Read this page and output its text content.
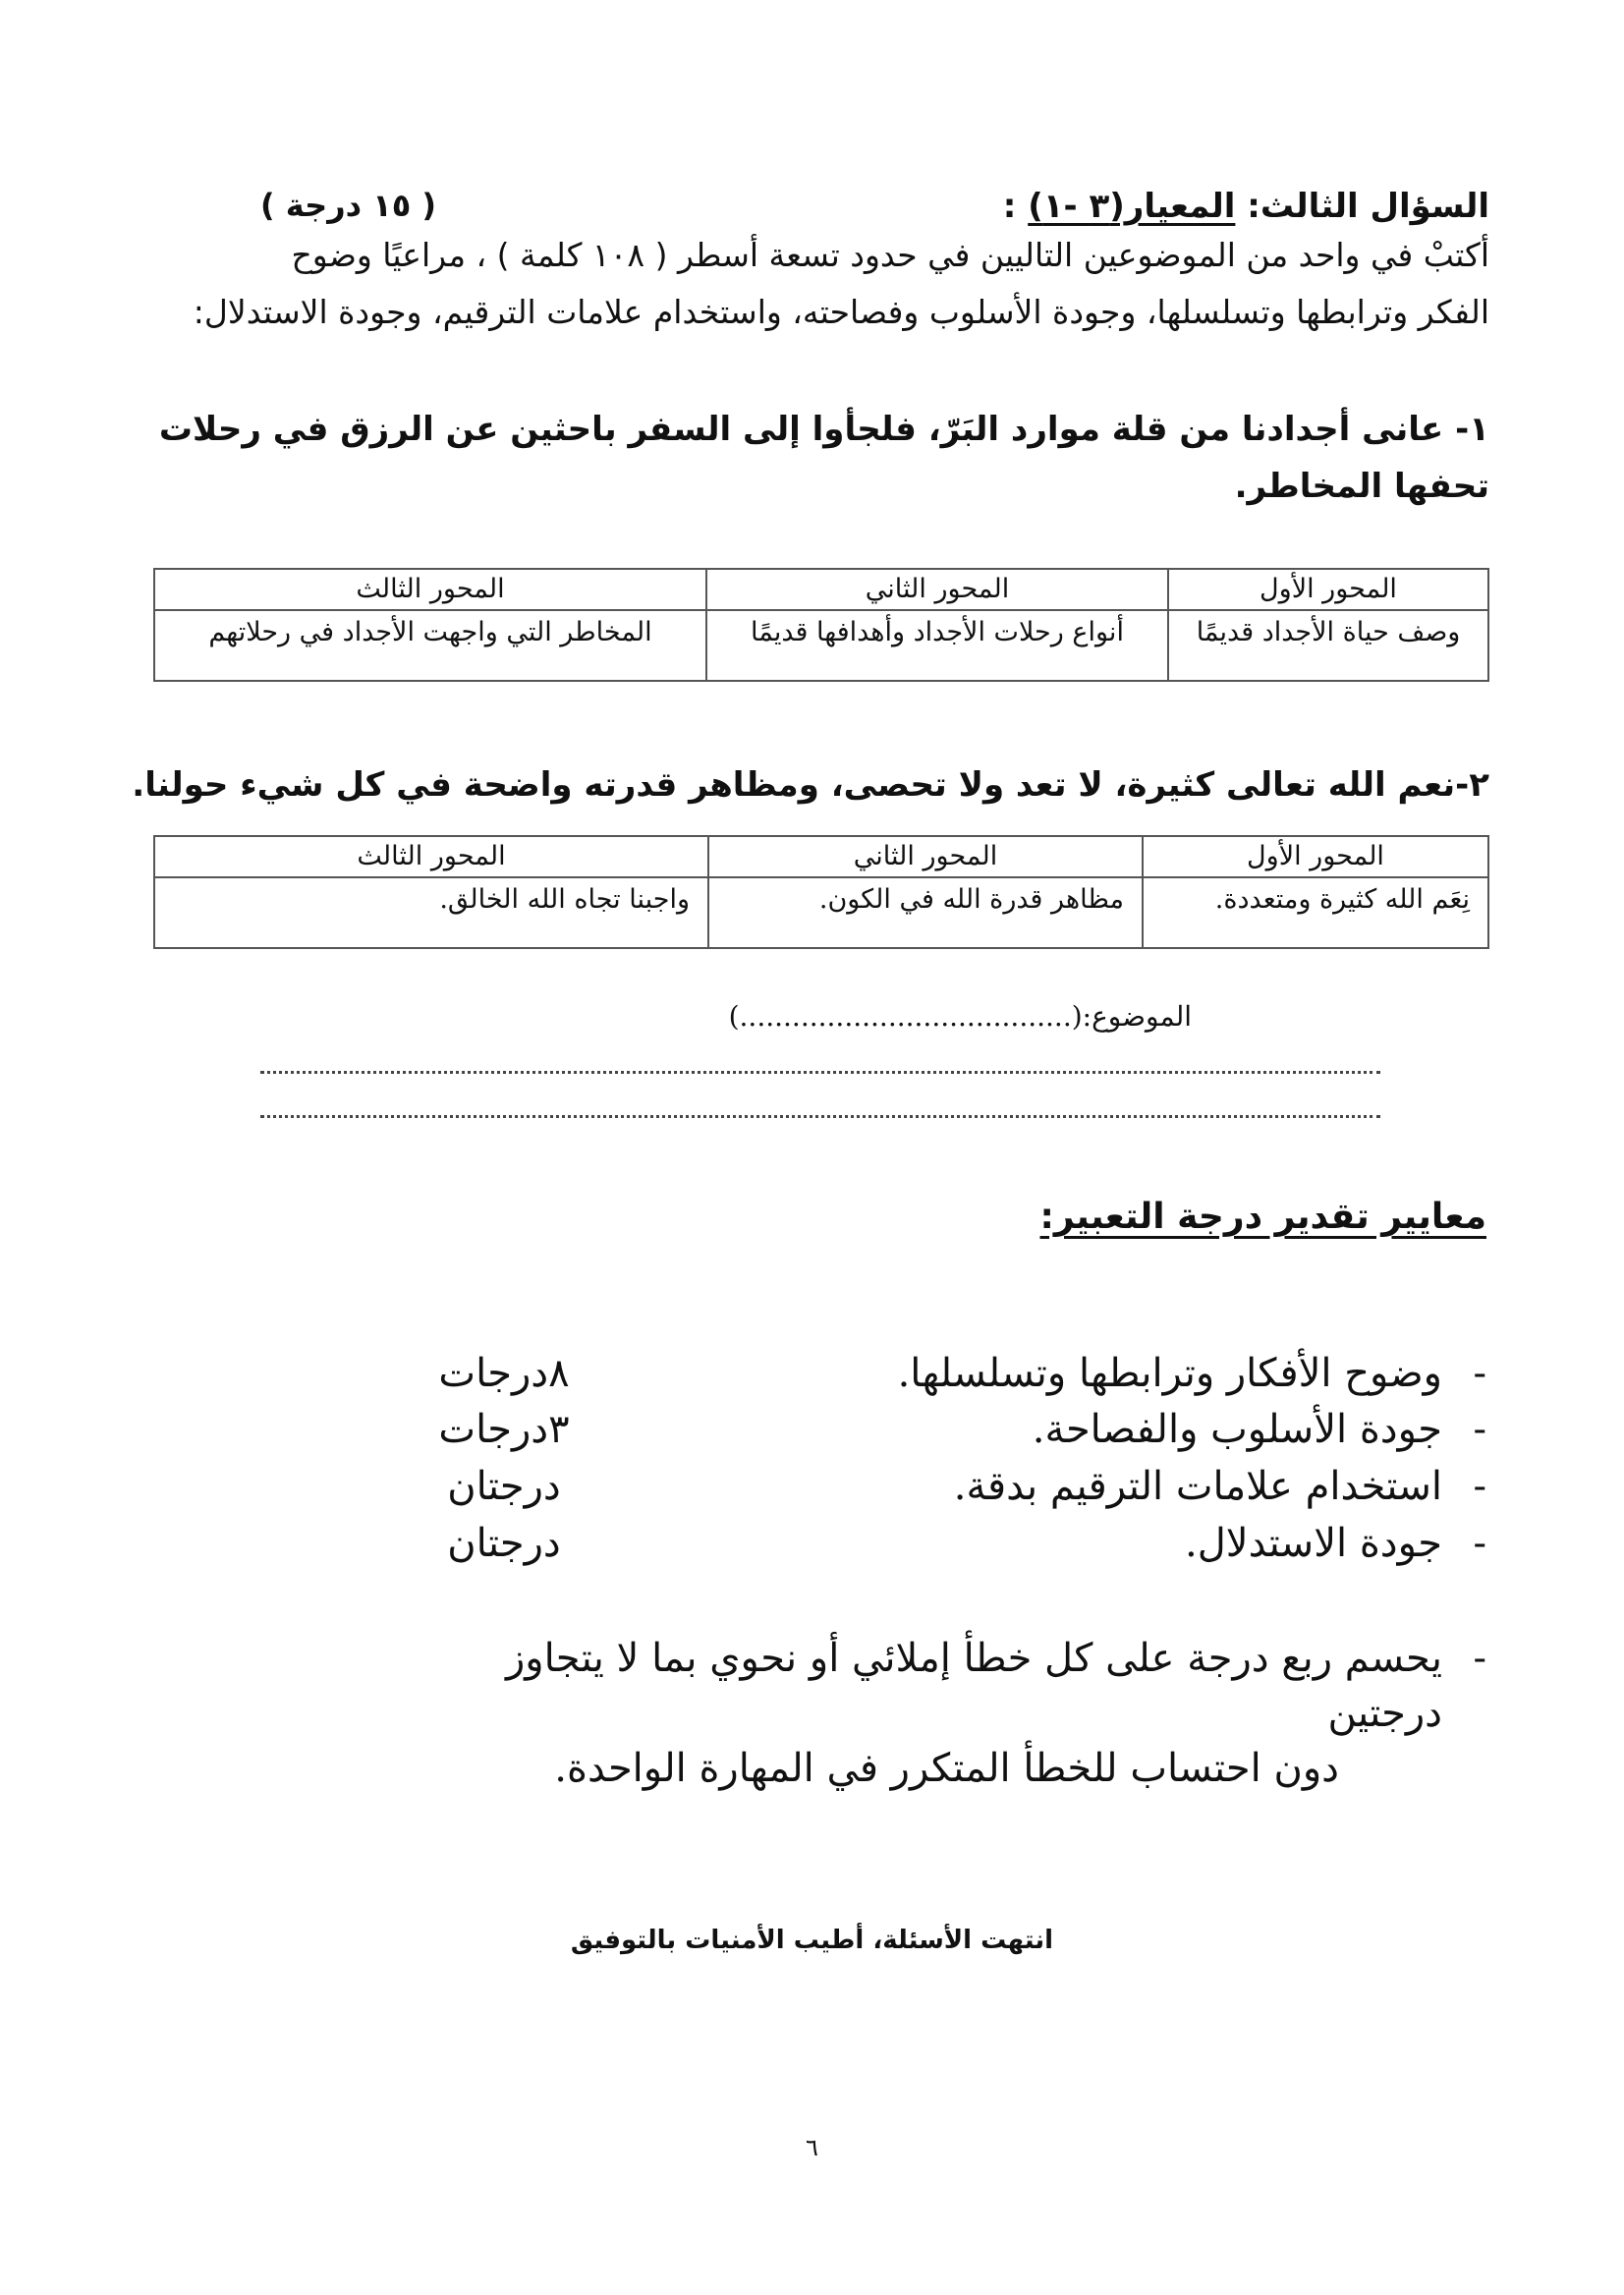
السؤال الثالث: المعيار(٣ -١) :
( ١٥ درجة )
أكتبْ في واحد من الموضوعين التاليين في حدود تسعة أسطر ( ١٠٨ كلمة ) ، مراعيًا وضوح
الفكر وترابطها وتسلسلها، وجودة الأسلوب وفصاحته، واستخدام علامات الترقيم، وجودة الاستدلال:
١- عانى أجدادنا من قلة موارد البَرّ، فلجأوا إلى السفر باحثين عن الرزق في رحلات تحفها المخاطر.
المحور الأول	المحور الثاني	المحور الثالث
وصف حياة الأجداد قديمًا	أنواع رحلات الأجداد وأهدافها قديمًا	المخاطر التي واجهت الأجداد في رحلاتهم
٢-نعم الله تعالى كثيرة، لا تعد ولا تحصى، ومظاهر قدرته واضحة في كل شيء حولنا.
المحور الأول	المحور الثاني	المحور الثالث
نِعَم الله كثيرة ومتعددة.	مظاهر قدرة الله في الكون.	واجبنا تجاه الله الخالق.
الموضوع:(......................................)
معايير تقدير درجة التعبير:
-
وضوح الأفكار وترابطها وتسلسلها.
٨درجات
-
جودة الأسلوب والفصاحة.
٣درجات
-
استخدام علامات الترقيم بدقة.
درجتان
-
جودة الاستدلال.
درجتان
-
يحسم ربع درجة على كل خطأ إملائي أو نحوي بما لا يتجاوز درجتين
دون احتساب للخطأ المتكرر في المهارة الواحدة.
انتهت الأسئلة، أطيب الأمنيات بالتوفيق
٦
